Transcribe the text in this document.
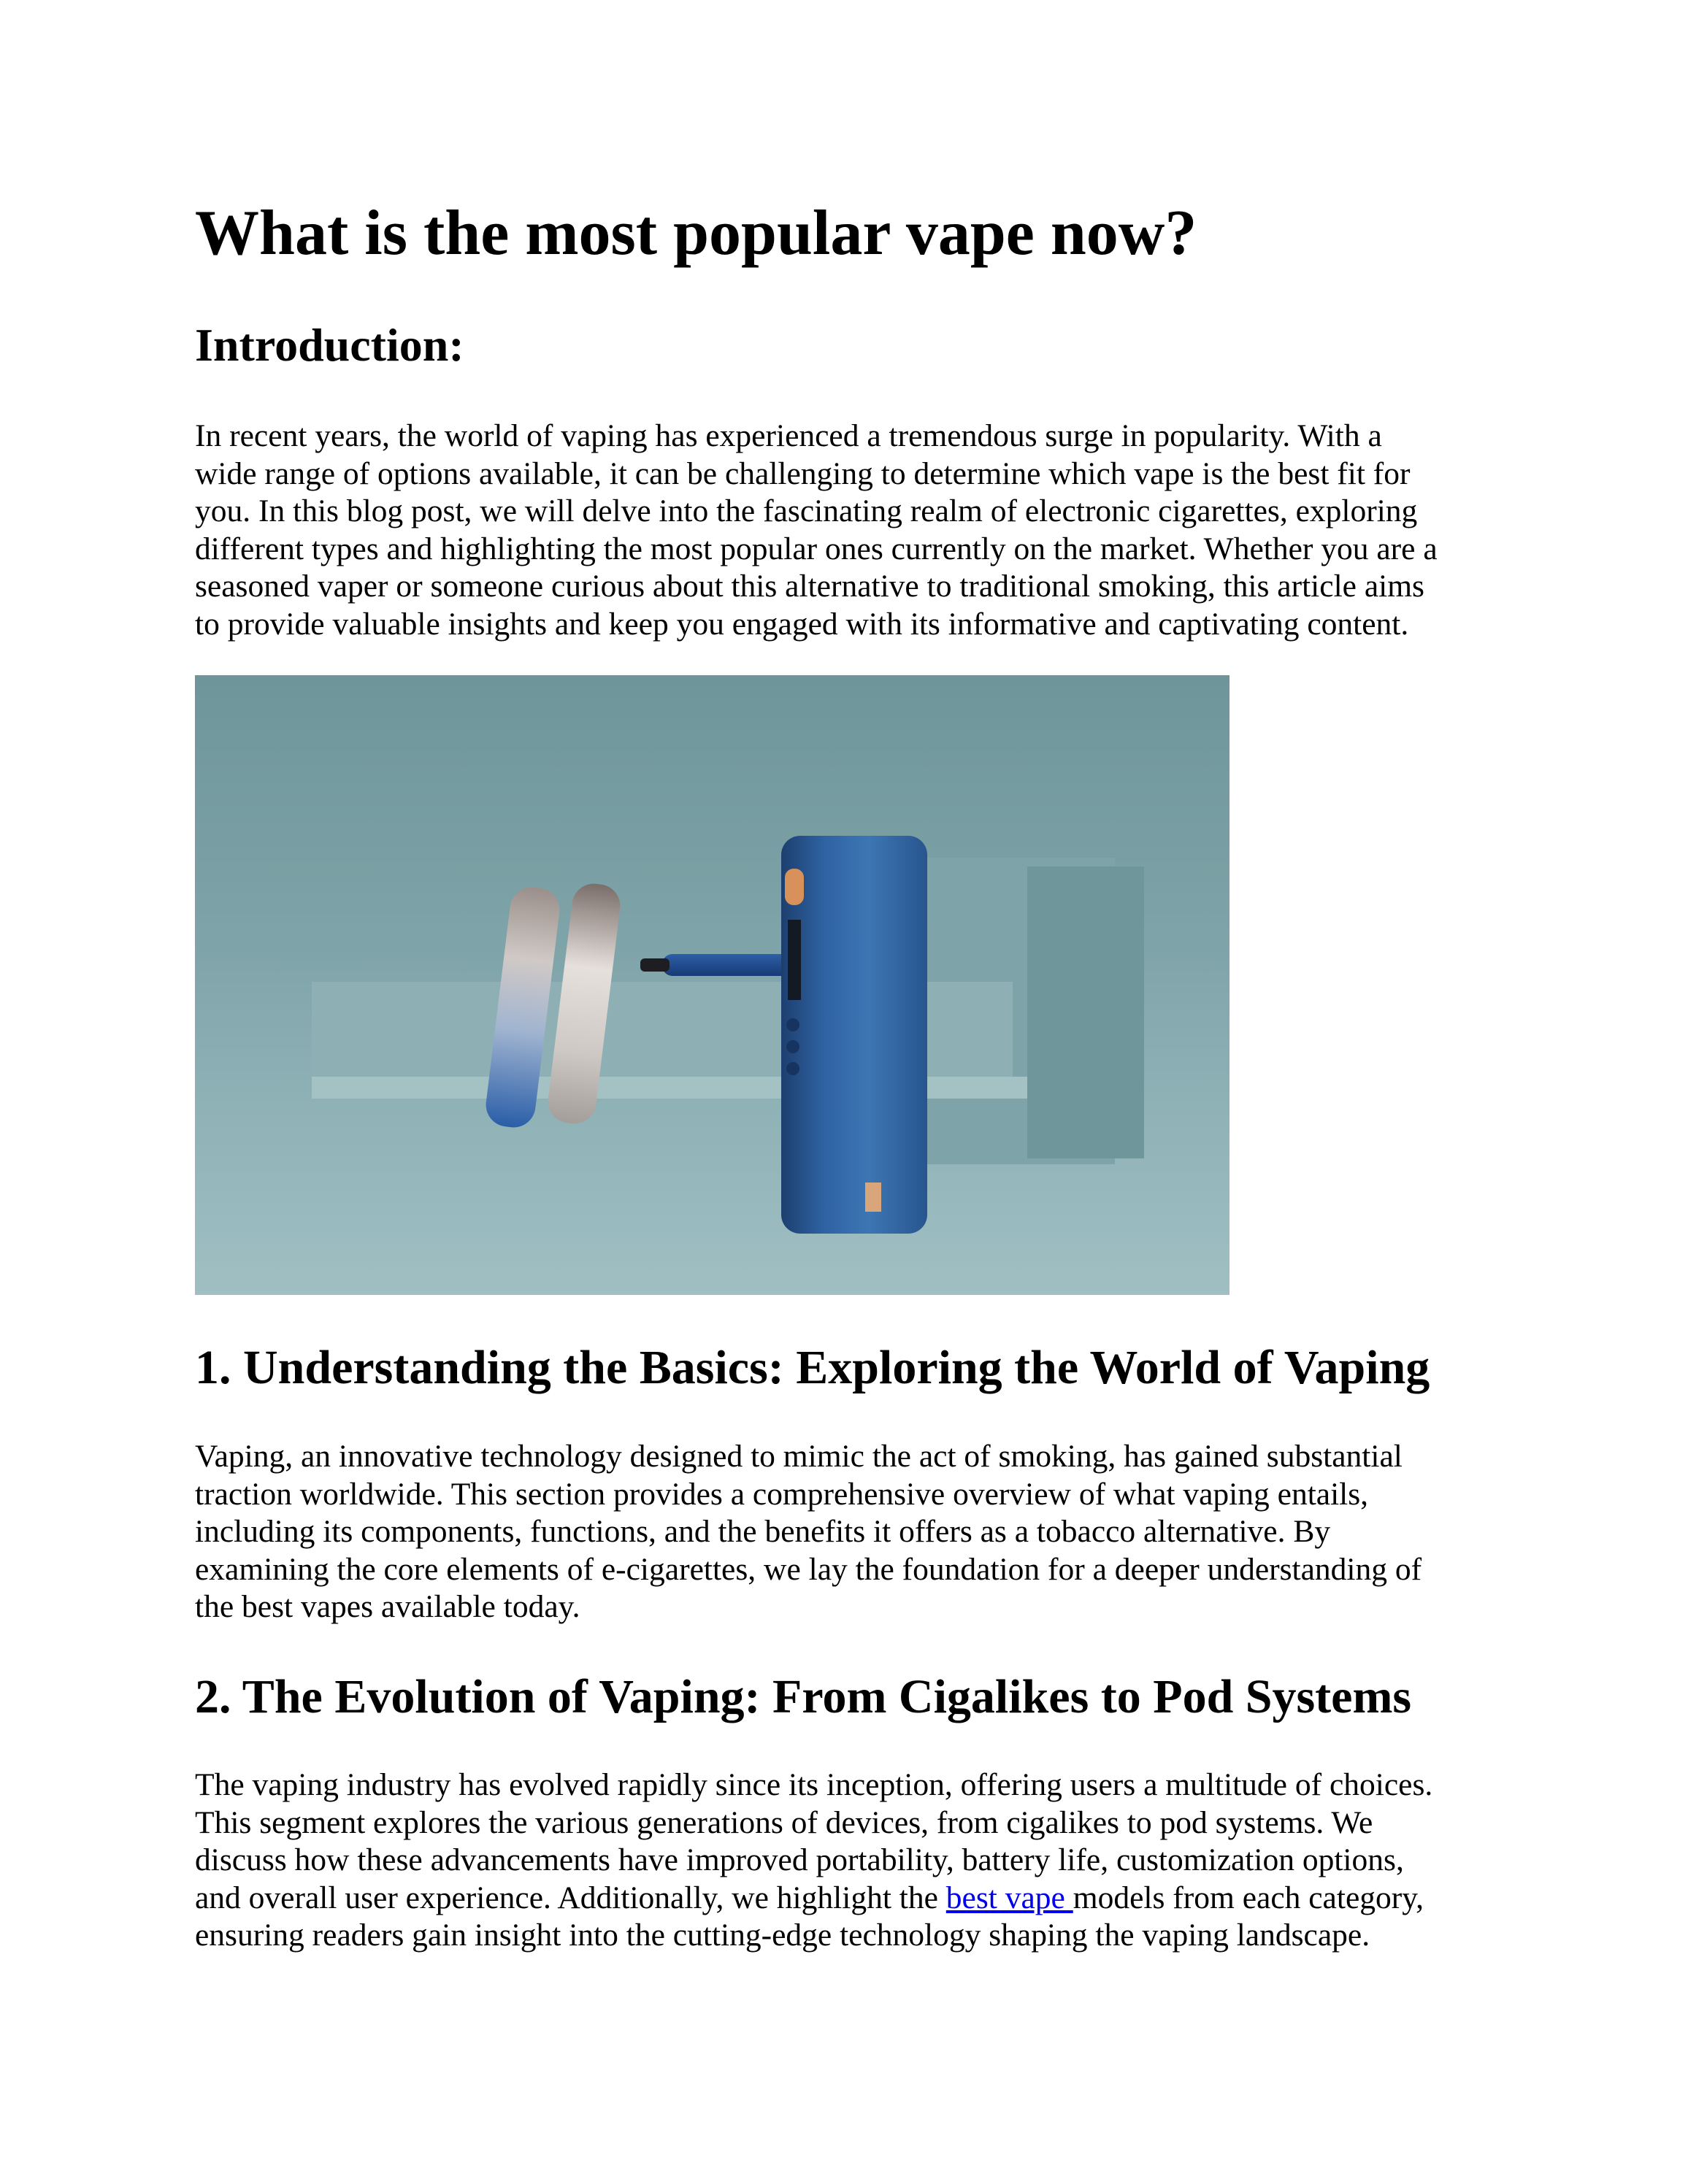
What is the most popular vape now?
Introduction:
In recent years, the world of vaping has experienced a tremendous surge in popularity. With a
wide range of options available, it can be challenging to determine which vape is the best fit for
you. In this blog post, we will delve into the fascinating realm of electronic cigarettes, exploring
different types and highlighting the most popular ones currently on the market. Whether you are a
seasoned vaper or someone curious about this alternative to traditional smoking, this article aims
to provide valuable insights and keep you engaged with its informative and captivating content.
1. Understanding the Basics: Exploring the World of Vaping
Vaping, an innovative technology designed to mimic the act of smoking, has gained substantial
traction worldwide. This section provides a comprehensive overview of what vaping entails,
including its components, functions, and the benefits it offers as a tobacco alternative. By
examining the core elements of e-cigarettes, we lay the foundation for a deeper understanding of
the best vapes available today.
2. The Evolution of Vaping: From Cigalikes to Pod Systems
The vaping industry has evolved rapidly since its inception, offering users a multitude of choices.
This segment explores the various generations of devices, from cigalikes to pod systems. We
discuss how these advancements have improved portability, battery life, customization options,
and overall user experience. Additionally, we highlight the best vape models from each category,
ensuring readers gain insight into the cutting-edge technology shaping the vaping landscape.
